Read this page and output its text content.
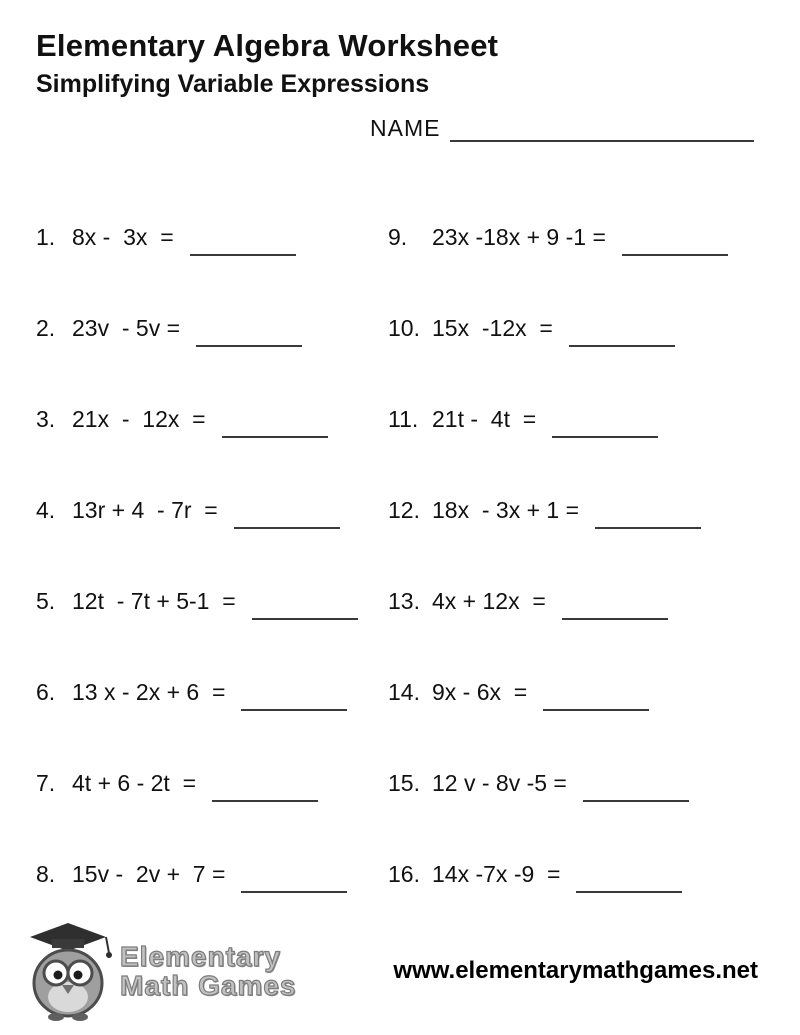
Elementary Algebra Worksheet
Simplifying Variable Expressions
NAME
1. 8x -  3x  =
2. 23v  - 5v =
3. 21x  -  12x  =
4. 13r + 4  - 7r  =
5. 12t  - 7t + 5-1  =
6. 13 x - 2x + 6  =
7. 4t + 6 - 2t  =
8. 15v -  2v +  7 =
9.	23x -18x + 9 -1 =
10. 15x  -12x  =
11. 21t -  4t  =
12. 18x  - 3x + 1 =
13. 4x + 12x  =
14. 9x - 6x  =
15. 12 v - 8v -5 =
16. 14x -7x -9  =
Elementary
Math Games	www.elementarymathgames.net
